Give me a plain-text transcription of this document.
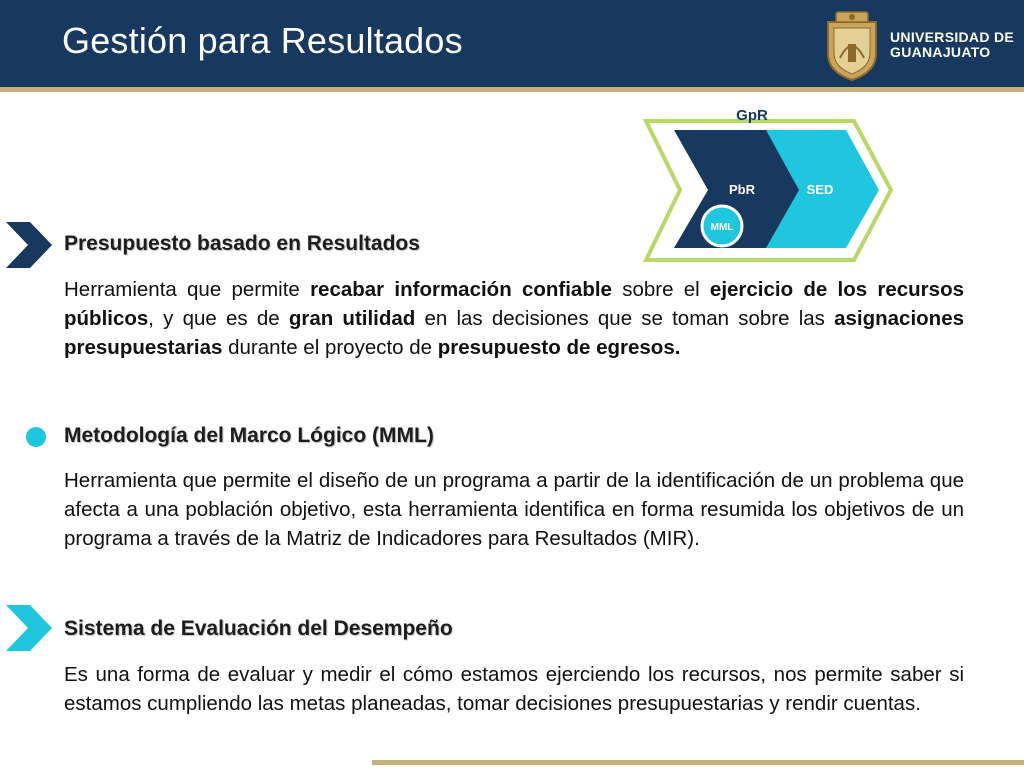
Gestión para Resultados	UNIVERSIDAD DE
GUANAJUATO
GpR
PbR	SED
MML
Presupuesto basado en Resultados
Herramienta que permite recabar información confiable sobre el ejercicio de los recursos públicos, y que es de gran utilidad en las decisiones que se toman sobre las asignaciones presupuestarias durante el proyecto de presupuesto de egresos.
Metodología del Marco Lógico (MML)
Herramienta que permite el diseño de un programa a partir de la identificación de un problema que afecta a una población objetivo, esta herramienta identifica en forma resumida los objetivos de un programa a través de la Matriz de Indicadores para Resultados (MIR).
Sistema de Evaluación del Desempeño
Es una forma de evaluar y medir el cómo estamos ejerciendo los recursos, nos permite saber si estamos cumpliendo las metas planeadas, tomar decisiones presupuestarias y rendir cuentas.
